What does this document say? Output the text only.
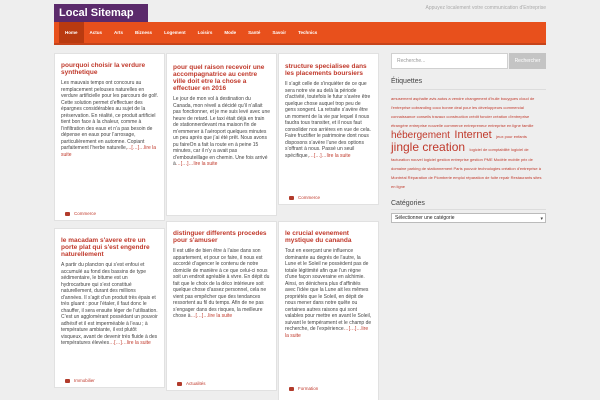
Local Sitemap	Appuyez localement votre communication d'Entreprise
Home	Actus	Arts	Bizness	Logement	Loisirs	Mode	Santé	Savoir	Technics
pourquoi choisir la verdure synthetique
Les mauvais temps ont concouru au remplacement pelouses naturelles en verdure artificielle pour les parcours de golf. Cette solution permet d’effectuer des épargnes considérables au sujet de la préservation. En réalité, ce produit artificiel tient bon face à la chaleur, comme à l’infiltration des eaux et n’a pas besoin de dépense en eaux pour l’arrosage, particulièrement en automne. Copiant parfaitement l’herbe naturelle,...[…]…lire la suite
Commerce
le macadam s'avere etre un porte plat qui s'est engendre naturellement
A partir du plancton qui s’est enfoui et accumulé au fond des bassins de type sédimentaire, le bitume est un hydrocarbure qui s’est constitué naturellement, durant des millions d’années. Il s’agit d’un produit très épais et très gluant : pour l’étaler, il faut donc le chauffer, il sera ensuite léger de l’utilisation. C’est un agglomérant possédant un pouvoir adhésif et il est imperméable à l’eau ; à température ambiante, il est plutôt visqueux, avant de devenir très fluide à des températures élevées…[…]…lire la suite
Immobilier
pour quel raison recevoir une accompagnatrice au centre ville doit etre la chose a effectuer en 2016
Le jour de mon vol à destination du Canada, mon réveil a décidé qu’il n’allait pas fonctionner, et je me suis levé avec une heure de retard. Le taxi était déjà en train de stationnerdevant ma maison fin de m’emmener à l’aéroport quelques minutes un peu après que j’ai été prêt. Nous avons pu faireOn a fait la route en à peine 15 minutes, car il n’y a avait pas d’embouteillage en chemin. Une fois arrivé à…[…]…lire la suite
distinguer differents procedes pour s'amuser
Il est utile de bien être à l’aise dans son appartement, et pour ce faire, il nous est accordé d’agencer le contenu de notre domicile de manière à ce que celui-ci nous soit un endroit agréable à vivre. En dépit du fait que le choix de la déco intérieure soit quelque chose d’assez personnel, cela ne vient pas empêcher que des tendances ressortent au fil du temps. Afin de ne pas s’engager dans des risques, la meilleure chose à…[…]…lire la suite
Actualités
structure specialisee dans les placements boursiers
Il s’agit celle de s’inquiéter de ce que sera notre vie au delà la période d’activité, toutefois le futur s’avère être quelque chose auquel trop peu de gens songent. La retraite s’avère être un moment de la vie par lequel il nous faudra tous transiter, et il nous faut consolider nos arrières en vue de cela. Faire fructifier le patrimoine dont nous disposons s’avère l’une des options s’offrant à nous. Passé un seuil spécifique,…[…]…lire la suite
Commerce
le crucial evenement mystique du cananda
Tout en exerçant une influence dominante au degrés de l’autre, la Lune et le Soleil ne possèdent pas de totale légitimité afin que l’un règne d’une façon souveraine en alchimie. Ainsi, on dénichera plus d’affinités avec l’idée que la Lune ait les mêmes propriétés que le Soleil, en dépit de nous mener dans notre quête ou certaines autres raisons qui sont valables pour mettre en avant le Soleil, suivant le tempérament et le champ de recherche, de l’expérience…[…]…lire la suite
Formation
Recherche...	Rechercher
Étiquettes
amusement asphalte avis autos a vendre changement d'huile bouygues cloud de l'entreprise cobranding coco bonne deal pour les développeurs commercial connaissance conseils travaux construction crédit foncier création d'entreprise étrangère entreprise nouvelle commerce entrepreneur entreprise en ligne famille hébergement Internet jeux pour enfants jingle creation logiciel de comptabilité logiciel de facturation nouvel logiciel gestion entreprise gestion PME Modèle mobile prix de domaine parking de stationnement Paris pouvoir technologies création d'entreprise à Montréal Réparation de Plomberie emploi réparation de fuite repair Restaurants sites en ligne
Catégories
Sélectionner une catégorie	▾
